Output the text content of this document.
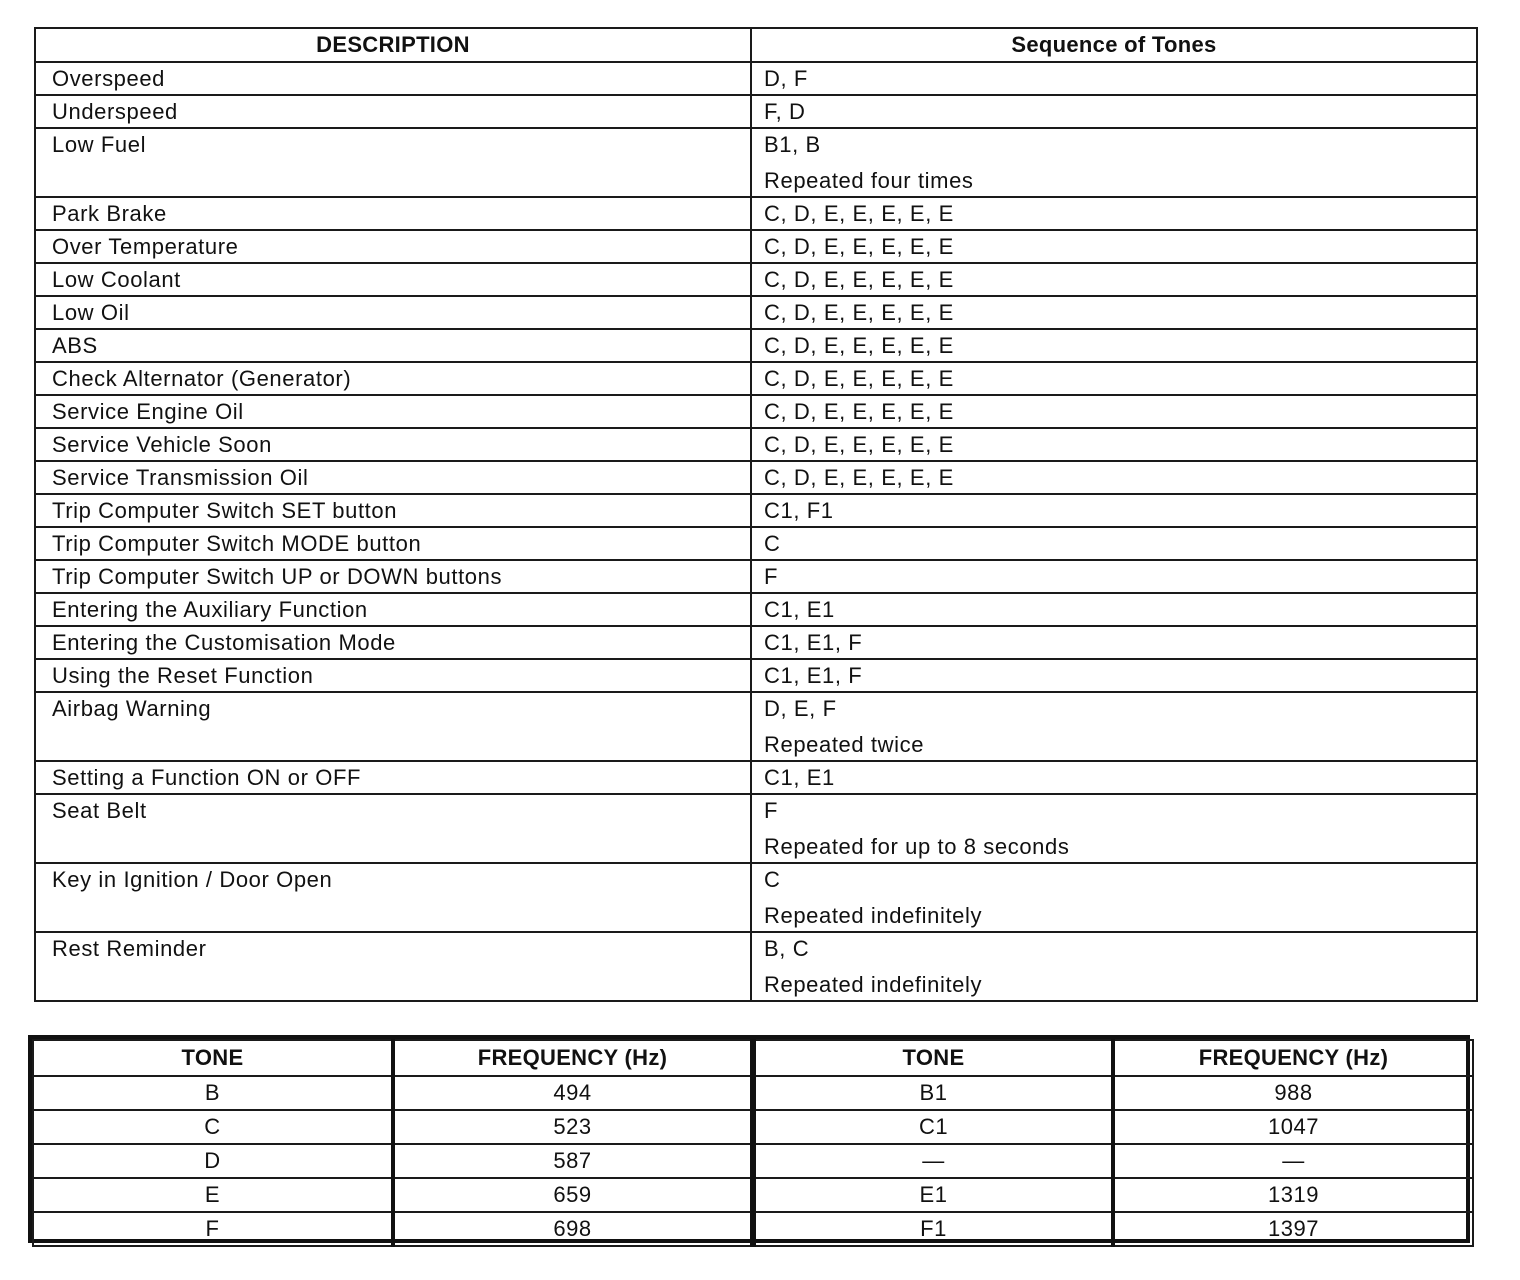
DESCRIPTION	Sequence of Tones
Overspeed	D, F
Underspeed	F, D
Low Fuel	B1, B
Repeated four times

Park Brake	C, D, E, E, E, E, E
Over Temperature	C, D, E, E, E, E, E
Low Coolant	C, D, E, E, E, E, E
Low Oil	C, D, E, E, E, E, E
ABS	C, D, E, E, E, E, E
Check Alternator (Generator)	C, D, E, E, E, E, E
Service Engine Oil	C, D, E, E, E, E, E
Service Vehicle Soon	C, D, E, E, E, E, E
Service Transmission Oil	C, D, E, E, E, E, E
Trip Computer Switch SET button	C1, F1
Trip Computer Switch MODE button	C
Trip Computer Switch UP or DOWN buttons	F
Entering the Auxiliary Function	C1, E1
Entering the Customisation Mode	C1, E1, F
Using the Reset Function	C1, E1, F
Airbag Warning	D, E, F
Repeated twice

Setting a Function ON or OFF	C1, E1
Seat Belt	F
Repeated for up to 8 seconds

Key in Ignition / Door Open	C
Repeated indefinitely

Rest Reminder	B, C
Repeated indefinitely
TONE	FREQUENCY (Hz)	TONE	FREQUENCY (Hz)
B	494	B1	988
C	523	C1	1047
D	587	—	—
E	659	E1	1319
F	698	F1	1397
